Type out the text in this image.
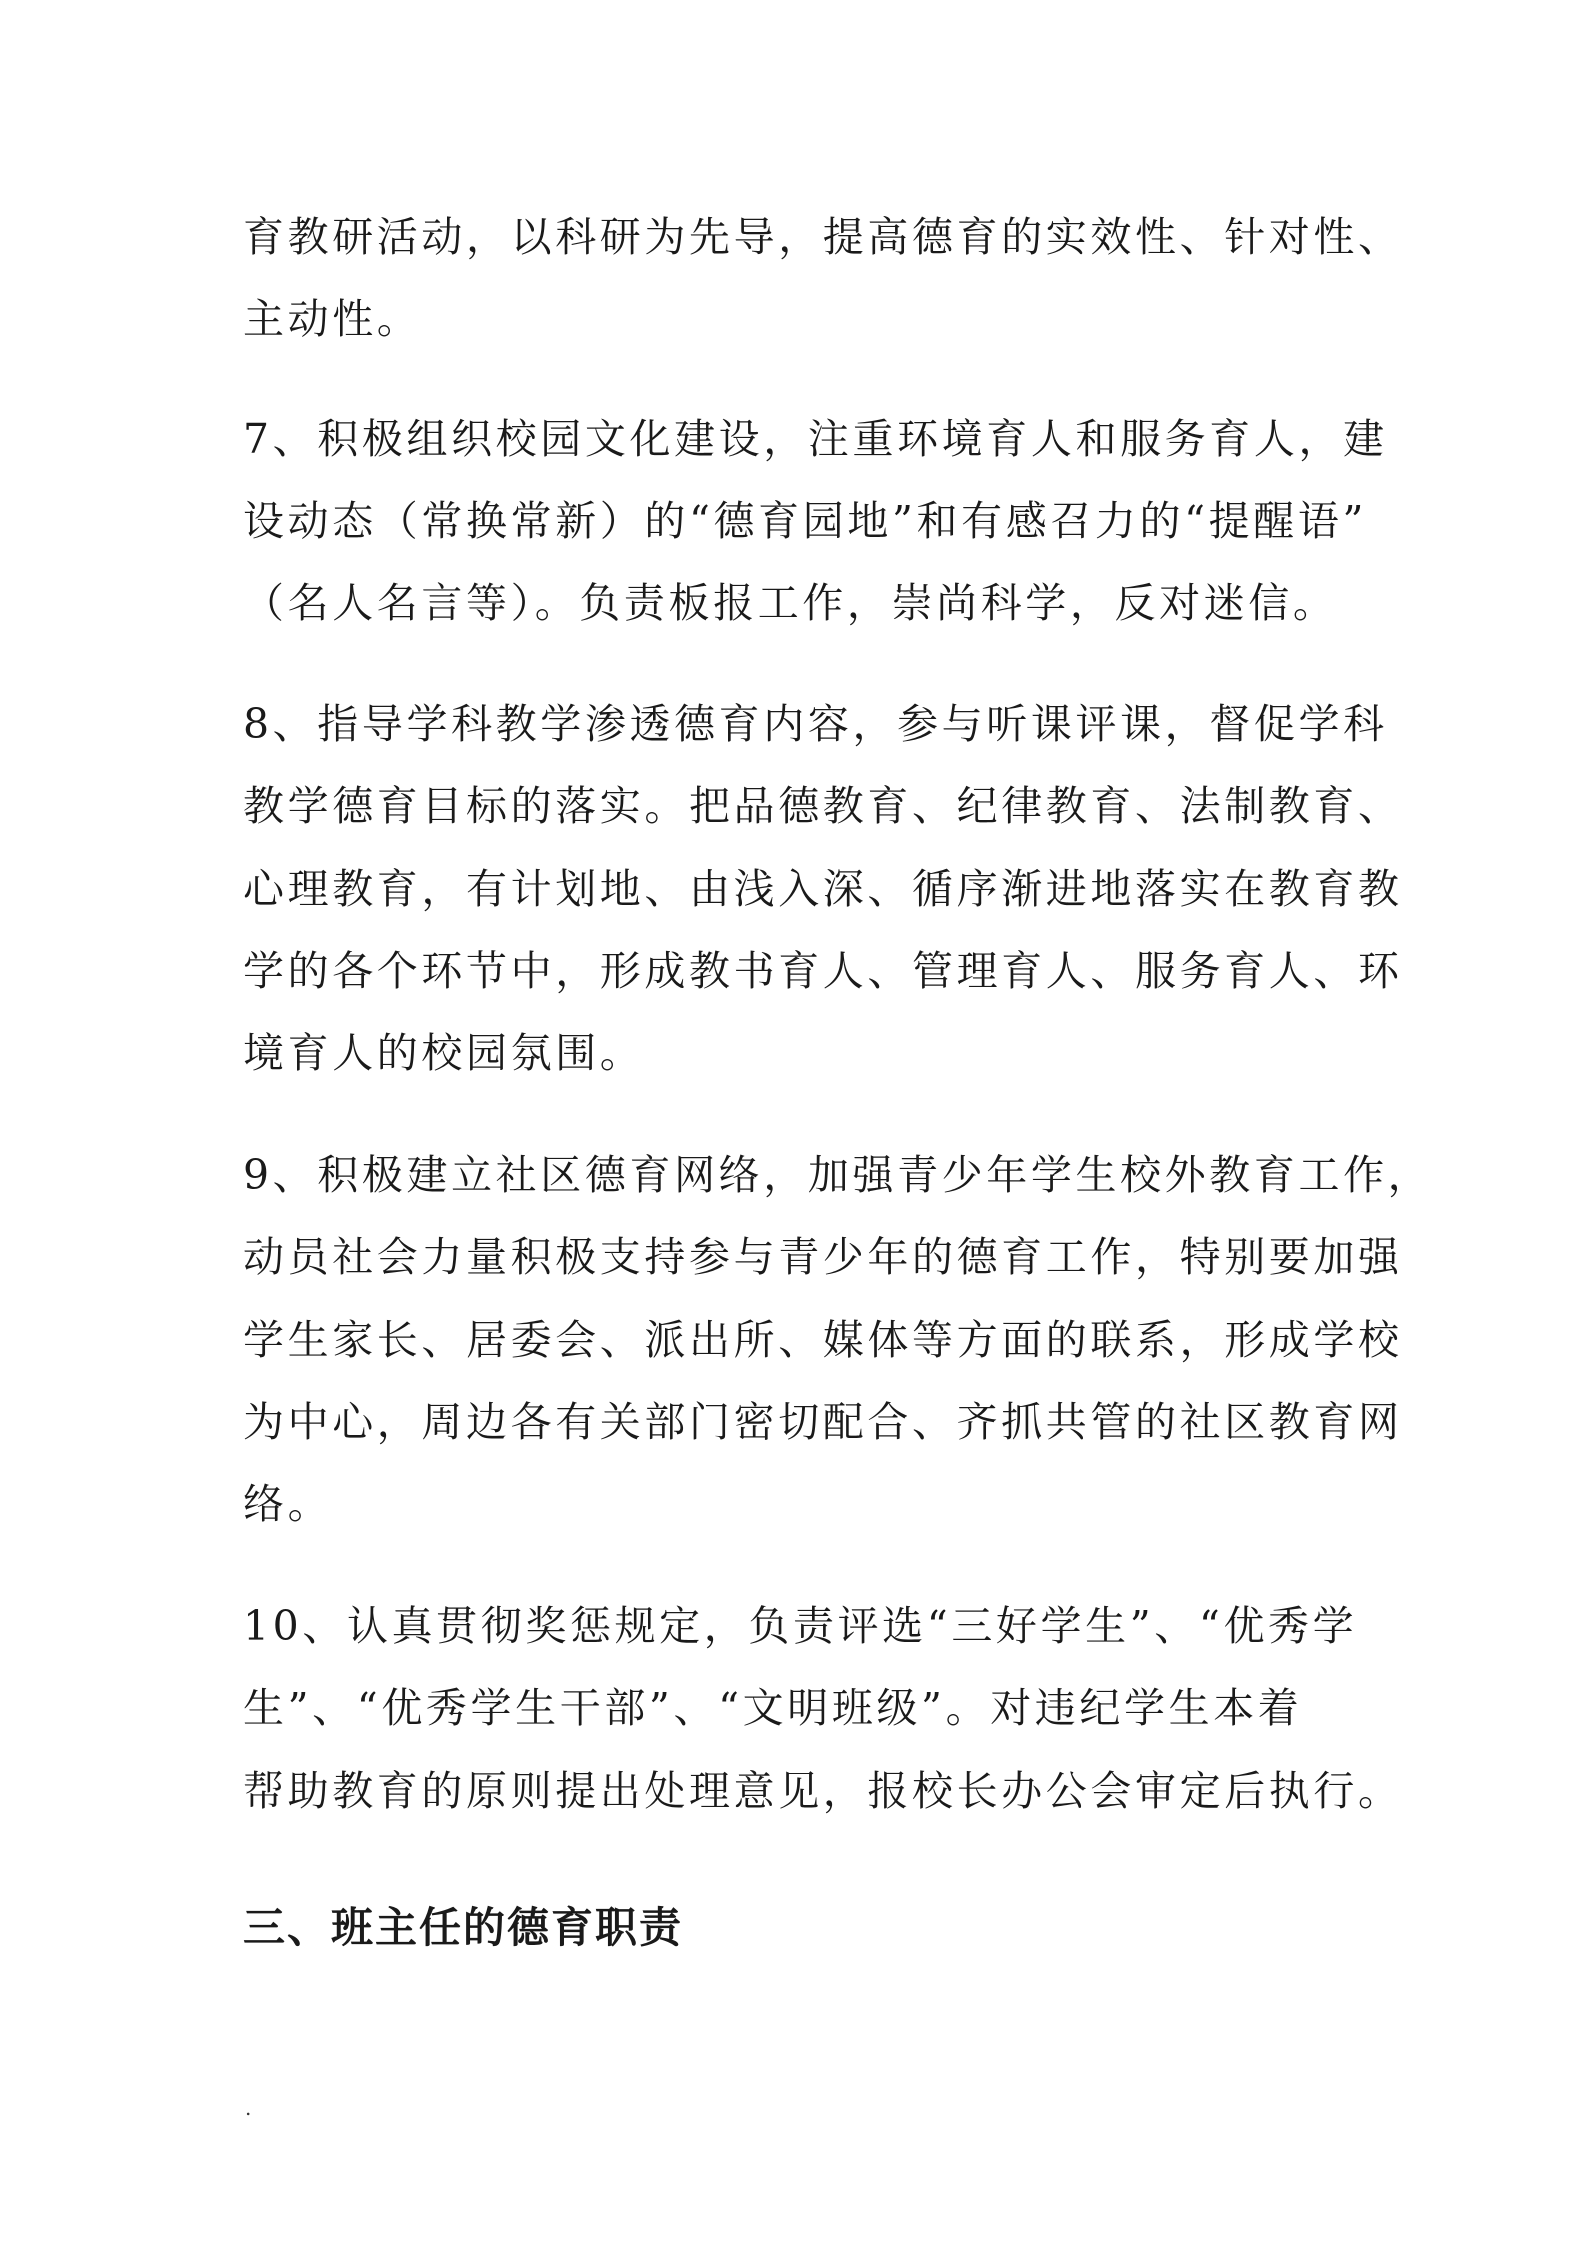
育教研活动，以科研为先导，提高德育的实效性、针对性、
主动性。
7、积极组织校园文化建设，注重环境育人和服务育人，建
设动态（常换常新）的“德育园地”和有感召力的“提醒语”
（名人名言等）。负责板报工作，崇尚科学，反对迷信。
8、指导学科教学渗透德育内容，参与听课评课，督促学科
教学德育目标的落实。把品德教育、纪律教育、法制教育、
心理教育，有计划地、由浅入深、循序渐进地落实在教育教
学的各个环节中，形成教书育人、管理育人、服务育人、环
境育人的校园氛围。
9、积极建立社区德育网络，加强青少年学生校外教育工作，
动员社会力量积极支持参与青少年的德育工作，特别要加强
学生家长、居委会、派出所、媒体等方面的联系，形成学校
为中心，周边各有关部门密切配合、齐抓共管的社区教育网
络。
10、认真贯彻奖惩规定，负责评选“三好学生”、“优秀学
生”、“优秀学生干部”、“文明班级”。对违纪学生本着
帮助教育的原则提出处理意见，报校长办公会审定后执行。
三、班主任的德育职责
.
